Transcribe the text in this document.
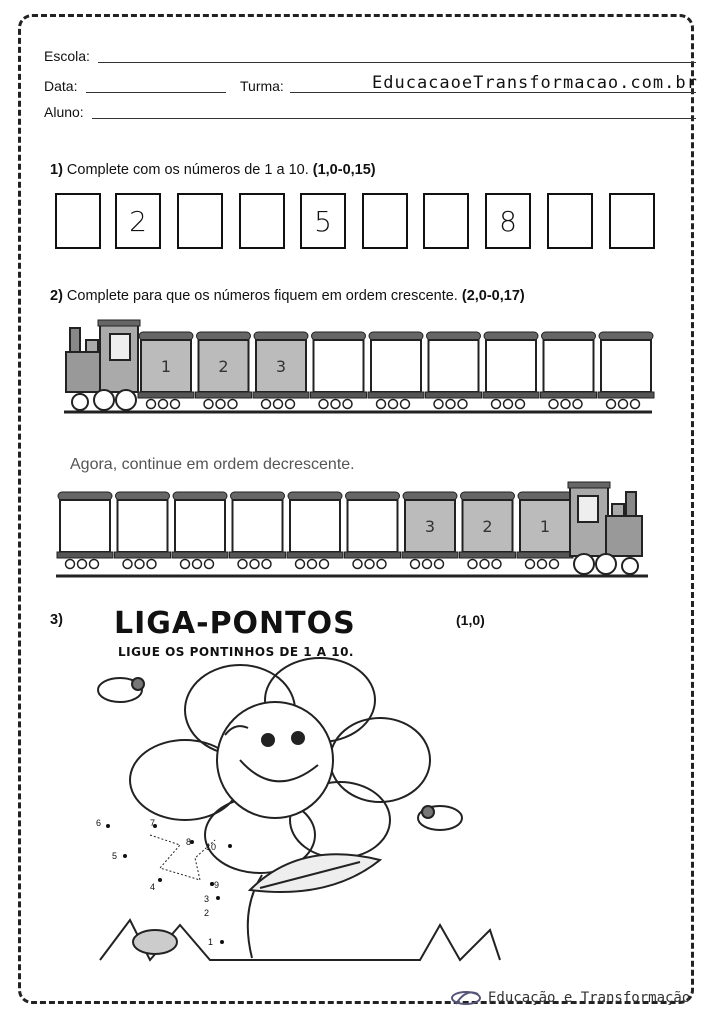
Escola:
Data:	Turma:	EducacaoeTransformacao.com.br
Aluno:
1) Complete com os números de 1 a 10. (1,0-0,15)
2	5	8
2) Complete para que os números fiquem em ordem crescente. (2,0-0,17)
1	2	3
3	2	1
1
2
3
4
5
6	7
8
9
10
Agora, continue em ordem decrescente.
3) LIGA-PONTOS	(1,0)
LIGUE OS PONTINHOS DE 1 A 10.
Educação e Transformação
